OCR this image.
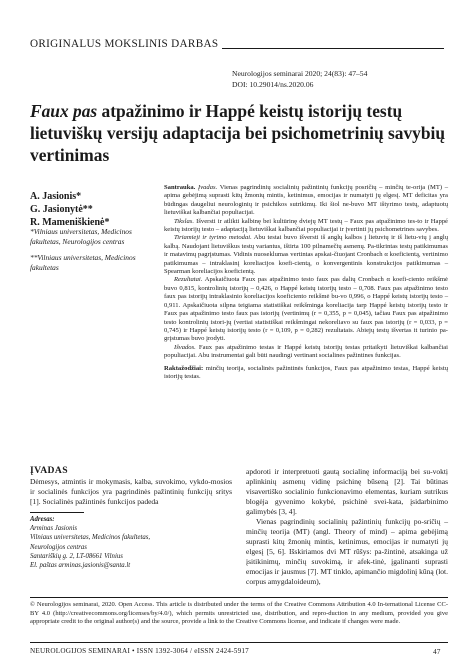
ORIGINALUS MOKSLINIS DARBAS
Neurologijos seminarai 2020; 24(83): 47–54
DOI: 10.29014/ns.2020.06
Faux pas atpažinimo ir Happé keistų istorijų testų lietuviškų versijų adaptacija bei psichometrinių savybių vertinimas
A. Jasionis*
G. Jasionytė**
R. Mameniškienė*

*Vilniaus universitetas, Medicinos fakultetas, Neurologijos centras

**Vilniaus universitetas, Medicinos fakultetas

Santrauka. Įvadas. Vienas pagrindinių socialinių pažintinių funkcijų posričių – minčių te-orija (MT) – apima gebėjimą suprasti kitų žmonių mintis, ketinimus, emocijas ir numatyti jų elgesį. MT deficitas yra būdingas daugeliui neurologinių ir psichikos sutrikimų. Iki šiol ne-buvo MT ištyrimo testų, adaptuotų lietuviškai kalbančiai populiacijai.

Tikslas. Išversti ir atlikti kalbinę bei kultūrinę dviejų MT testų – Faux pas atpažinimo tes-to ir Happé keistų istorijų testo – adaptaciją lietuviškai kalbančiai populiacijai ir įvertinti jų psichometrines savybes.

Tiriamieji ir tyrimo metodai. Abu testai buvo išversti iš anglų kalbos į lietuvių ir iš lietu-vių į anglų kalbą. Naudojant lietuviškus testų variantus, ištirta 100 pilnamečių asmenų. Pa-tikrintas testų patikimumas ir matavimų pagrįstumas. Vidinis nuoseklumas vertintas apskai-čiuojant Cronbach α koeficientą, vertinimo patikimumas – intraklasinį koreliacijos koefi-cientą, o konvergentinis konstrukcijos patikimumas – Spearman koreliacijos koeficientą.

Rezultatai. Apskaičiuota Faux pas atpažinimo testo faux pas dalių Cronbach α koefi-ciento reikšmė buvo 0,815, kontrolinių istorijų – 0,426, o Happé keistų istorijų testo – 0,708. Faux pas atpažinimo testo faux pas istorijų intraklasinio koreliacijos koeficiento reikšmė bu-vo 0,996, o Happé keistų istorijų testo – 0,911. Apskaičiuota silpna teigiama statistiškai reikšminga koreliacija tarp Happé keistų istorijų testo ir Faux pas atpažinimo testo faux pas istorijų (vertinimų (r = 0,355, p = 0,045), tačiau Faux pas atpažinimo testo kontrolinių istori-jų (vertiai statistiškai reikšmingai nekoreliavo su faux pas istorijų (r = 0,033, p = 0,745) ir Happé keistų istorijų testo (r = 0,109, p = 0,282) rezultatais. Abiejų testų išvertas it turinio pa-grįstumas buvo įrodyti.

Išvados. Faux pas atpažinimo testas ir Happé keistų istorijų testas pritaikyti lietuviškai kalbančiai populiacijai. Abu instrumentai gali būti naudingi vertinant socialines pažintines funkcijas.

Raktažodžiai: minčių teorija, socialinės pažintinės funkcijos, Faux pas atpažinimo testas, Happé keistų istorijų testas.

ĮVADAS
Dėmesys, atmintis ir mokymasis, kalba, suvokimo, vykdo-mosios ir socialinės funkcijos yra pagrindinės pažintinių funkcijų sritys [1]. Socialinės pažintinės funkcijos padeda

apdoroti ir interpretuoti gautą socialinę informaciją bei su-voktị aplinkinių asmenų vidinę psichinę būseną [2]. Tai būtinas visavertiško socialinio funkcionavimo elementas, kuriam sutrikus blogėja gyvenimo kokybė, psichinė svei-kata, įsidarbinimo galimybės [3, 4].

Vienas pagrindinių socialinių pažintinių funkcijų po-sričių – minčių teorija (MT) (angl. Theory of mind) – apima gebėjimą suprasti kitų žmonių mintis, ketinimus, emocijas ir numatyti jų elgesį [5, 6]. Išskiriamos dvi MT rūšys: pa-žintinė, atsakinga už įsitikinimų, minčių suvokimą, ir afek-tinė, įgalinanti suprasti emocijas ir jausmus [7]. MT tinklo, apimančio migdolinį kūną (lot. corpus amygdaloideum),

Adresas:
Arminas Jasionis
Vilniaus universitetas, Medicinos fakultetas,
Neurologijos centras
Santariškių g. 2, LT-08661 Vilnius
El. paštas arminas.jasionis@santa.lt
© Neurologijos seminarai, 2020. Open Access. This article is distributed under the terms of the Creative Commons Attribution 4.0 In-ternational License CC-BY 4.0 (http://creativecommons.org/licenses/by/4.0/), which permits unrestricted use, distribution, and repro-duction in any medium, provided you give appropriate credit to the original author(s) and the source, provide a link to the Creative Commons license, and indicate if changes were made.
NEUROLOGIJOS SEMINARAI • ISSN 1392-3064 / eISSN 2424-5917	47
